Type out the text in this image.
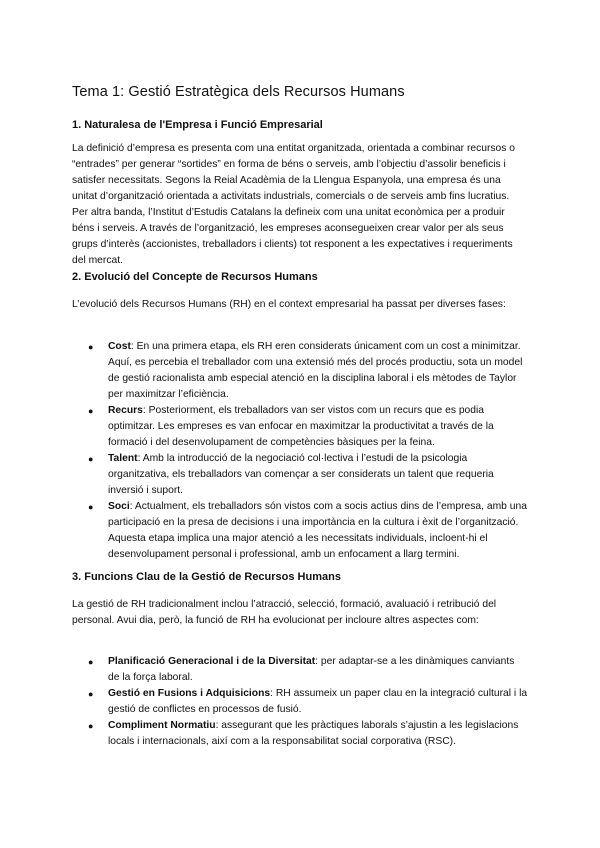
Tema 1: Gestió Estratègica dels Recursos Humans
1. Naturalesa de l'Empresa i Funció Empresarial

La definició d’empresa es presenta com una entitat organitzada, orientada a combinar recursos o “entrades” per generar “sortides” en forma de béns o serveis, amb l’objectiu d’assolir beneficis i satisfer necessitats. Segons la Reial Acadèmia de la Llengua Espanyola, una empresa és una unitat d’organització orientada a activitats industrials, comercials o de serveis amb fins lucratius. Per altra banda, l’Institut d’Estudis Catalans la defineix com una unitat econòmica per a produir béns i serveis. A través de l’organització, les empreses aconsegueixen crear valor per als seus grups d’interès (accionistes, treballadors i clients) tot responent a les expectatives i requeriments del mercat.

2. Evolució del Concepte de Recursos Humans

L’evolució dels Recursos Humans (RH) en el context empresarial ha passat per diverses fases:

● Cost: En una primera etapa, els RH eren considerats únicament com un cost a minimitzar. Aquí, es percebia el treballador com una extensió més del procés productiu, sota un model de gestió racionalista amb especial atenció en la disciplina laboral i els mètodes de Taylor per maximitzar l’eficiència.
● Recurs: Posteriorment, els treballadors van ser vistos com un recurs que es podia optimitzar. Les empreses es van enfocar en maximitzar la productivitat a través de la formació i del desenvolupament de competències bàsiques per la feina.
● Talent: Amb la introducció de la negociació col·lectiva i l’estudi de la psicologia organitzativa, els treballadors van començar a ser considerats un talent que requeria inversió i suport.
● Soci: Actualment, els treballadors són vistos com a socis actius dins de l’empresa, amb una participació en la presa de decisions i una importància en la cultura i èxit de l’organització. Aquesta etapa implica una major atenció a les necessitats individuals, incloent-hi el desenvolupament personal i professional, amb un enfocament a llarg termini.
3. Funcions Clau de la Gestió de Recursos Humans

La gestió de RH tradicionalment inclou l’atracció, selecció, formació, avaluació i retribució del personal. Avui dia, però, la funció de RH ha evolucionat per incloure altres aspectes com:

● Planificació Generacional i de la Diversitat: per adaptar-se a les dinàmiques canviants de la força laboral.
● Gestió en Fusions i Adquisicions: RH assumeix un paper clau en la integració cultural i la gestió de conflictes en processos de fusió.
● Compliment Normatiu: assegurant que les pràctiques laborals s’ajustin a les legislacions locals i internacionals, així com a la responsabilitat social corporativa (RSC).
